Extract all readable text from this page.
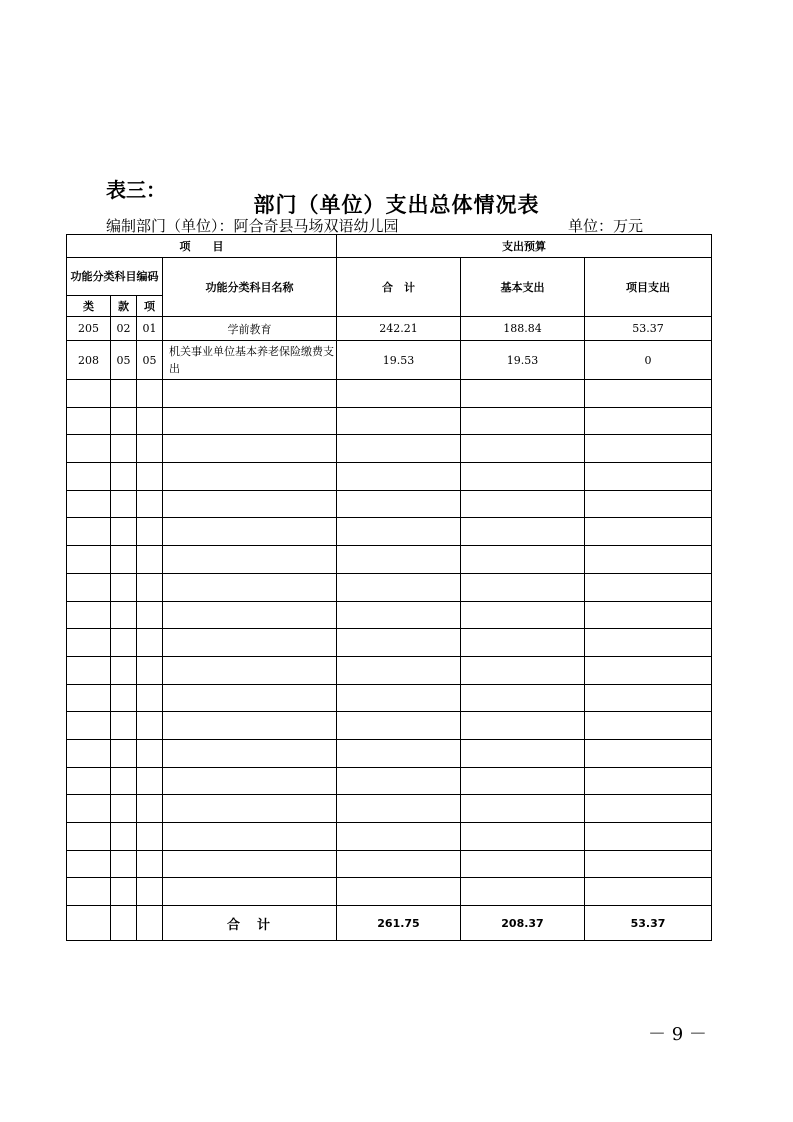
表三：
部门（单位）支出总体情况表
编制部门（单位）：阿合奇县马场双语幼儿园	单位：万元
项　　目				支出预算		
功能分类科目编码			功能分类科目名称	合　计	基本支出	项目支出
类	款	项				
205	02	01	学前教育	242.21	188.84	53.37
208	05	05	机关事业单位基本养老保险缴费支出	19.53	19.53	0

			合　计	261.75	208.37	53.37
－ 9 －
